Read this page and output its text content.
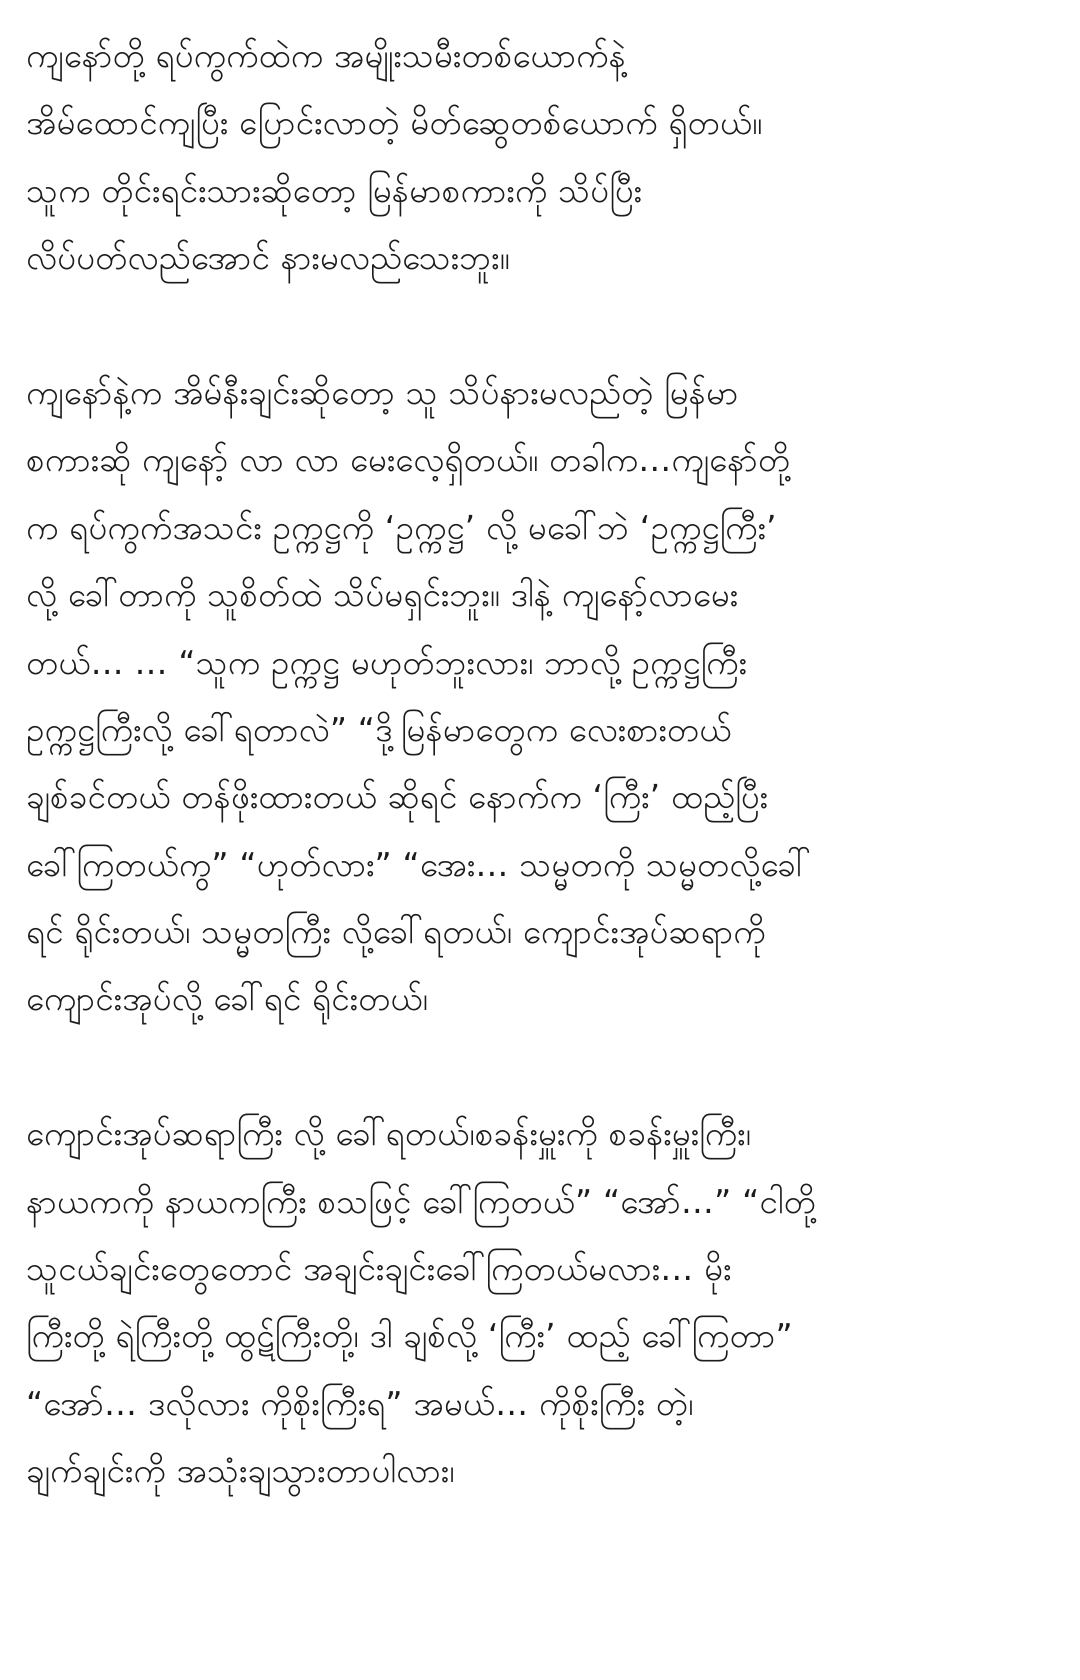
ကျနော်တို့ ရပ်ကွက်ထဲက အမျိုးသမီးတစ်ယောက်နဲ့
အိမ်ထောင်ကျပြီး ပြောင်းလာတဲ့ မိတ်ဆွေတစ်ယောက် ရှိတယ်။
သူက တိုင်းရင်းသားဆိုတော့ မြန်မာစကားကို သိပ်ပြီး
လိပ်ပတ်လည်အောင် နားမလည်သေးဘူး။
ကျနော်နဲ့က အိမ်နီးချင်းဆိုတော့ သူ သိပ်နားမလည်တဲ့ မြန်မာ
စကားဆို ကျနော့် လာ လာ မေးလေ့ရှိတယ်။ တခါက…ကျနော်တို့
က ရပ်ကွက်အသင်း ဥက္ကဋ္ဌကို ‘ဥက္ကဋ္ဌ’ လို့ မခေါ်ဘဲ ‘ဥက္ကဋ္ဌကြီး’
လို့ ခေါ်တာကို သူစိတ်ထဲ သိပ်မရှင်းဘူး။ ဒါနဲ့ ကျနော့်လာမေး
တယ်… … “သူက ဥက္ကဋ္ဌ မဟုတ်ဘူးလား၊ ဘာလို့ ဥက္ကဋ္ဌကြီး
ဥက္ကဋ္ဌကြီးလို့ ခေါ်ရတာလဲ” “ဒို့မြန်မာတွေက လေးစားတယ်
ချစ်ခင်တယ် တန်ဖိုးထားတယ် ဆိုရင် နောက်က ‘ကြီး’ ထည့်ပြီး
ခေါ်ကြတယ်ကွ” “ဟုတ်လား” “အေး… သမ္မတကို သမ္မတလို့ခေါ်
ရင် ရိုင်းတယ်၊ သမ္မတကြီး လို့ခေါ်ရတယ်၊ ကျောင်းအုပ်ဆရာကို
ကျောင်းအုပ်လို့ ခေါ်ရင် ရိုင်းတယ်၊
ကျောင်းအုပ်ဆရာကြီး လို့ ခေါ်ရတယ်၊စခန်းမှူးကို စခန်းမှူးကြီး၊
နာယကကို နာယကကြီး စသဖြင့် ခေါ်ကြတယ်” “အော်…” “ငါတို့
သူငယ်ချင်းတွေတောင် အချင်းချင်းခေါ်ကြတယ်မလား… မိုး
ကြီးတို့ ရဲကြီးတို့ ထွဋ်ကြီးတို့၊ ဒါ ချစ်လို့ ‘ကြီး’ ထည့် ခေါ်ကြတာ”
“အော်… ဒလိုလား ကိုစိုးကြီးရ” အမယ်… ကိုစိုးကြီး တဲ့၊
ချက်ချင်းကို အသုံးချသွားတာပါလား၊
